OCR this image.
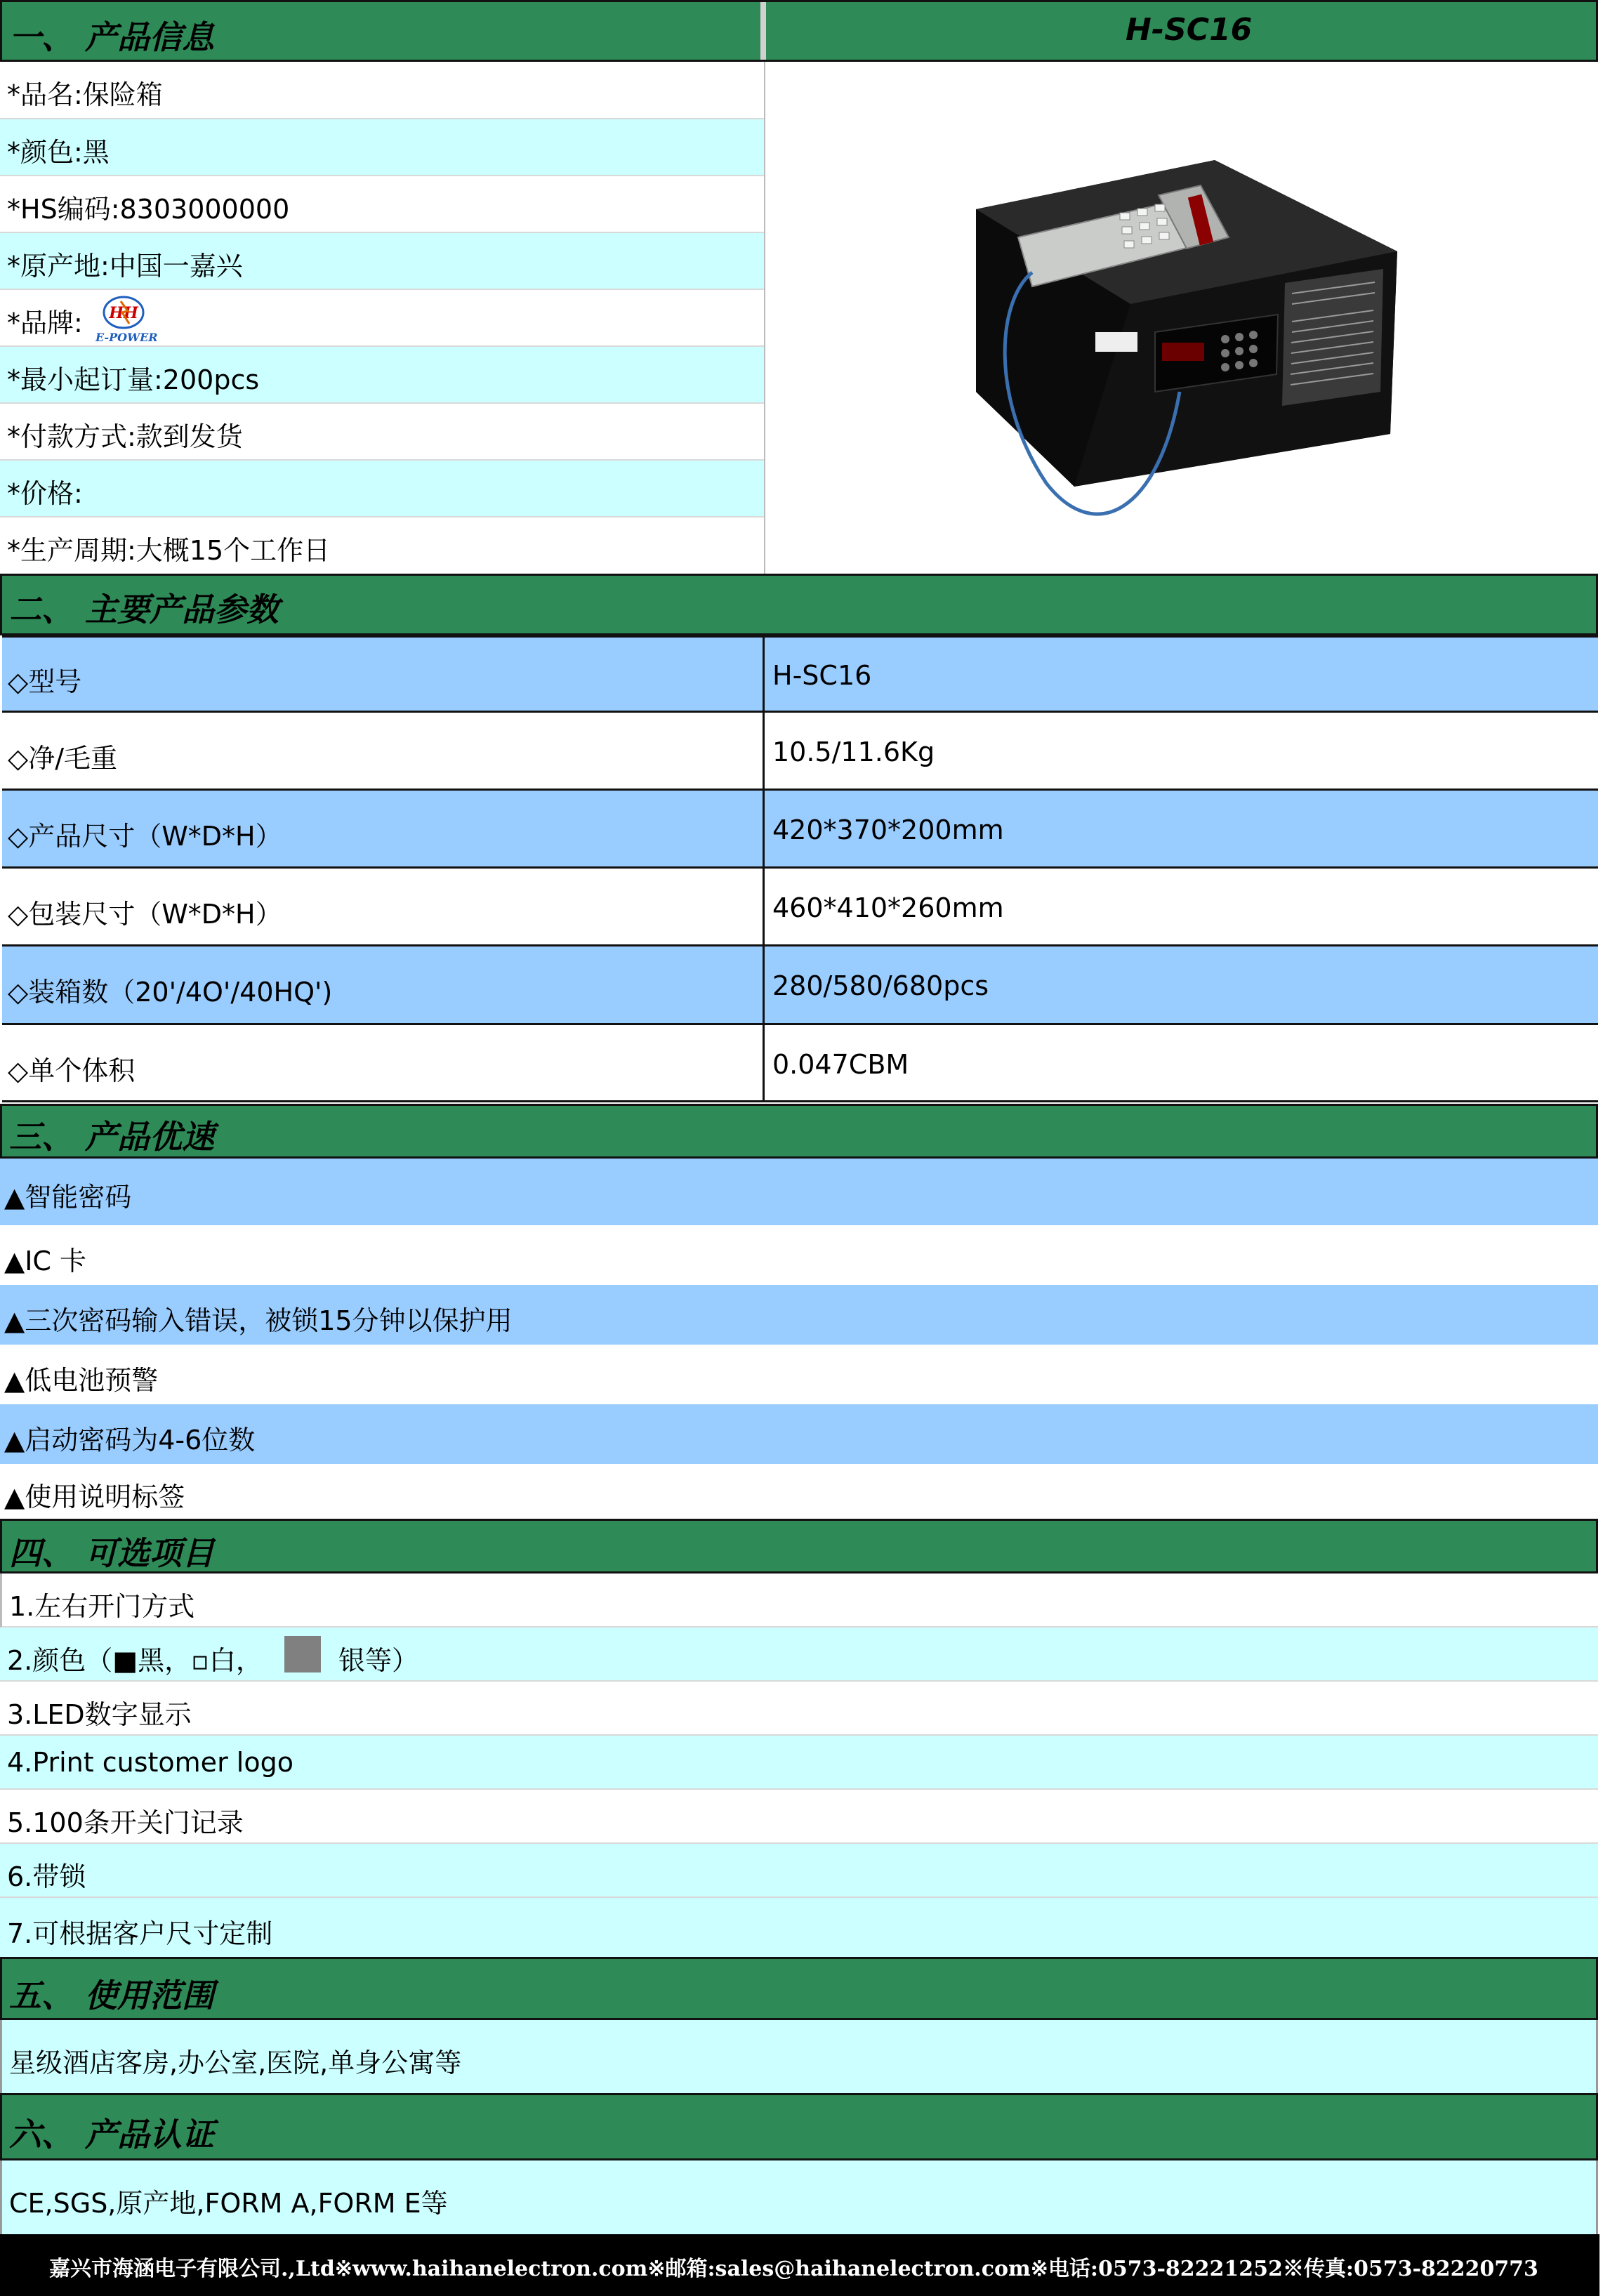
一、 产品信息	H-SC16
*品名:保险箱
*颜色:黑
*HS编码:8303000000
*原产地:中国一嘉兴
*品牌: HH
E-POWER
*最小起订量:200pcs
*付款方式:款到发货
*价格:
*生产周期:大概15个工作日
二、 主要产品参数
◇型号	H-SC16
◇净/毛重	10.5/11.6Kg
◇产品尺寸（W*D*H）	420*370*200mm
◇包装尺寸（W*D*H）	460*410*260mm
◇装箱数（20'/4O'/40HQ')	280/580/680pcs
◇单个体积	0.047CBM
三、 产品优速
▲智能密码
▲IC 卡
▲三次密码输入错误，被锁15分钟以保护用
▲低电池预警
▲启动密码为4-6位数
▲使用说明标签
四、 可选项目
1.左右开门方式
2.颜色（■黑，▫白，	银等）
3.LED数字显示
4.Print customer logo
5.100条开关门记录
6.带锁
7.可根据客户尺寸定制
五、 使用范围
星级酒店客房,办公室,医院,单身公寓等
六、 产品认证
CE,SGS,原产地,FORM A,FORM E等
嘉兴市海涵电子有限公司.,Ltd※www.haihanelectron.com※邮箱:sales@haihanelectron.com※电话:0573-82221252※传真:0573-82220773
